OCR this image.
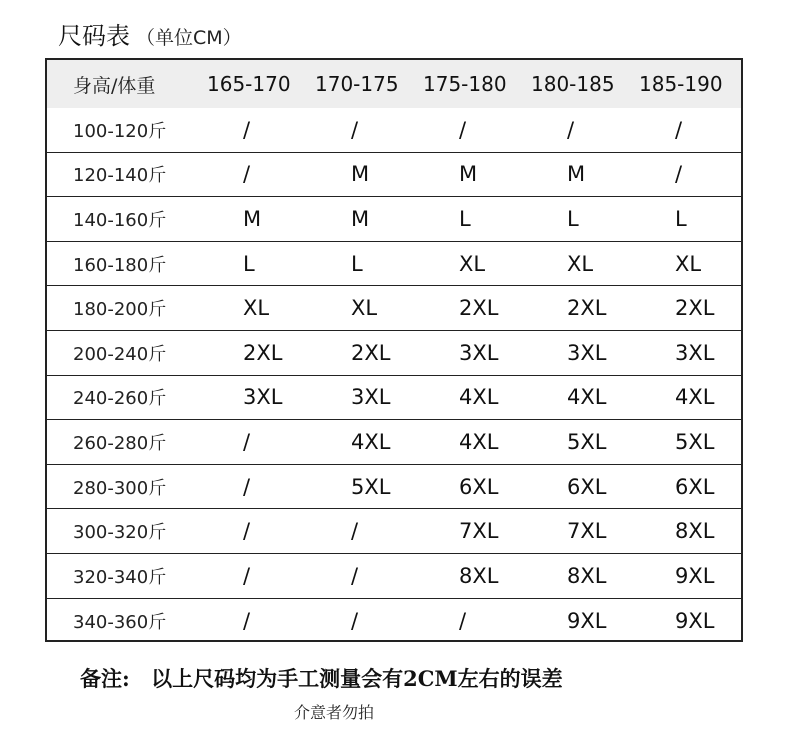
尺码表 （单位CM）
身高/体重	165-170	170-175	175-180	180-185	185-190
100-120斤	/	/	/	/	/
120-140斤	/	M	M	M	/
140-160斤	M	M	L	L	L
160-180斤	L	L	XL	XL	XL
180-200斤	XL	XL	2XL	2XL	2XL
200-240斤	2XL	2XL	3XL	3XL	3XL
240-260斤	3XL	3XL	4XL	4XL	4XL
260-280斤	/	4XL	4XL	5XL	5XL
280-300斤	/	5XL	6XL	6XL	6XL
300-320斤	/	/	7XL	7XL	8XL
320-340斤	/	/	8XL	8XL	9XL
340-360斤	/	/	/	9XL	9XL
备注: 以上尺码均为手工测量会有2CM左右的误差
介意者勿拍
